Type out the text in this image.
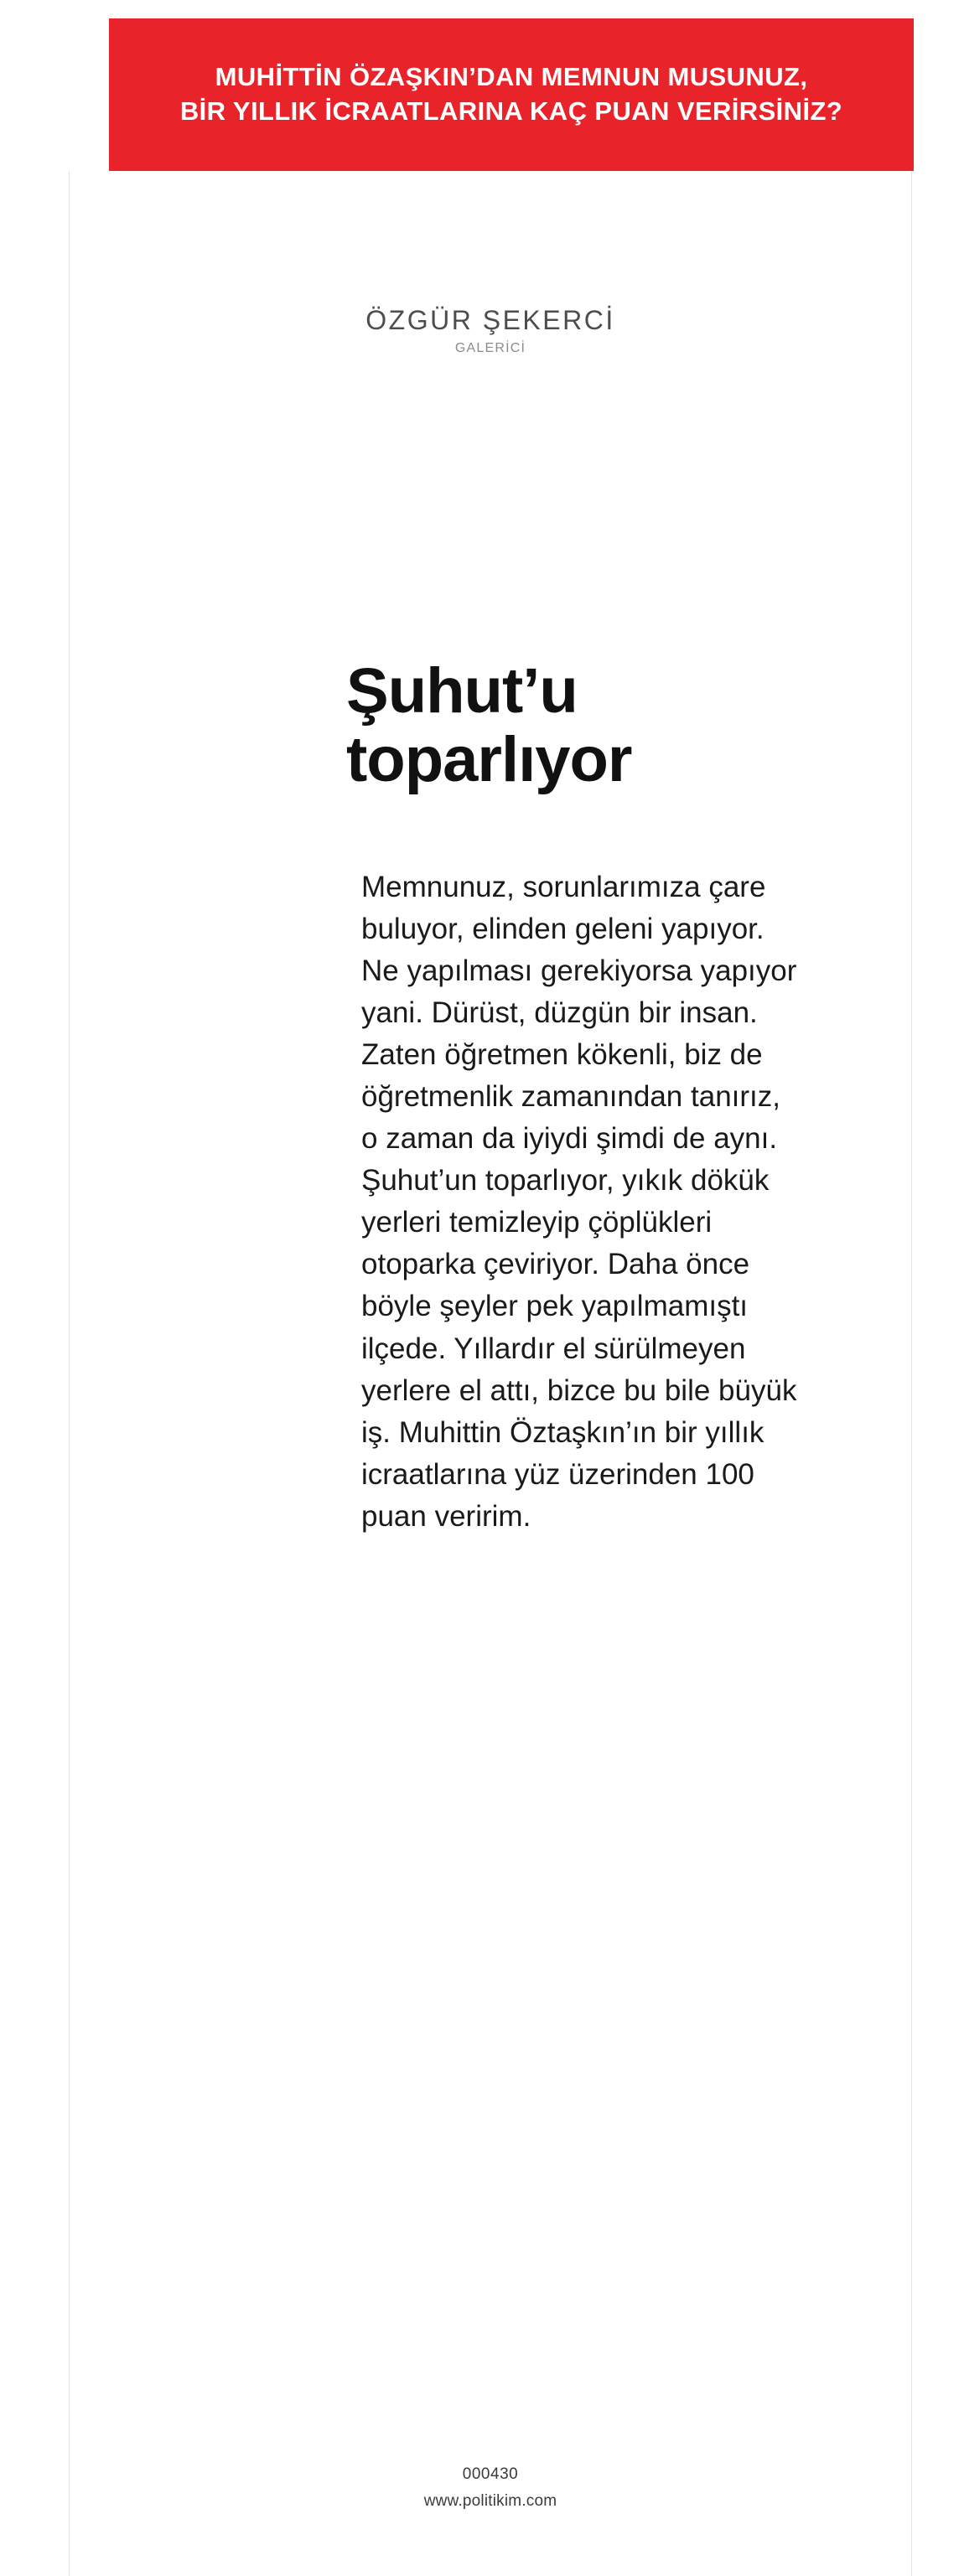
MUHİTTİN ÖZAŞKIN’DAN MEMNUN MUSUNUZ,
BİR YILLIK İCRAATLARINA KAÇ PUAN VERİRSİNİZ?
ÖZGÜR ŞEKERCİ
GALERİCİ
Şuhut’u toparlıyor
Memnunuz, sorunlarımıza çare buluyor, elinden geleni yapıyor. Ne yapılması gerekiyorsa yapıyor yani. Dürüst, düzgün bir insan. Zaten öğretmen kökenli, biz de öğretmenlik zamanından tanırız, o zaman da iyiydi şimdi de aynı. Şuhut’un toparlıyor, yıkık dökük yerleri temizleyip çöplükleri otoparka çeviriyor. Daha önce böyle şeyler pek yapılmamıştı ilçede. Yıllardır el sürülmeyen yerlere el attı, bizce bu bile büyük iş. Muhittin Öztaşkın’ın bir yıllık icraatlarına yüz üzerinden 100 puan veririm.
000430
www.politikim.com
